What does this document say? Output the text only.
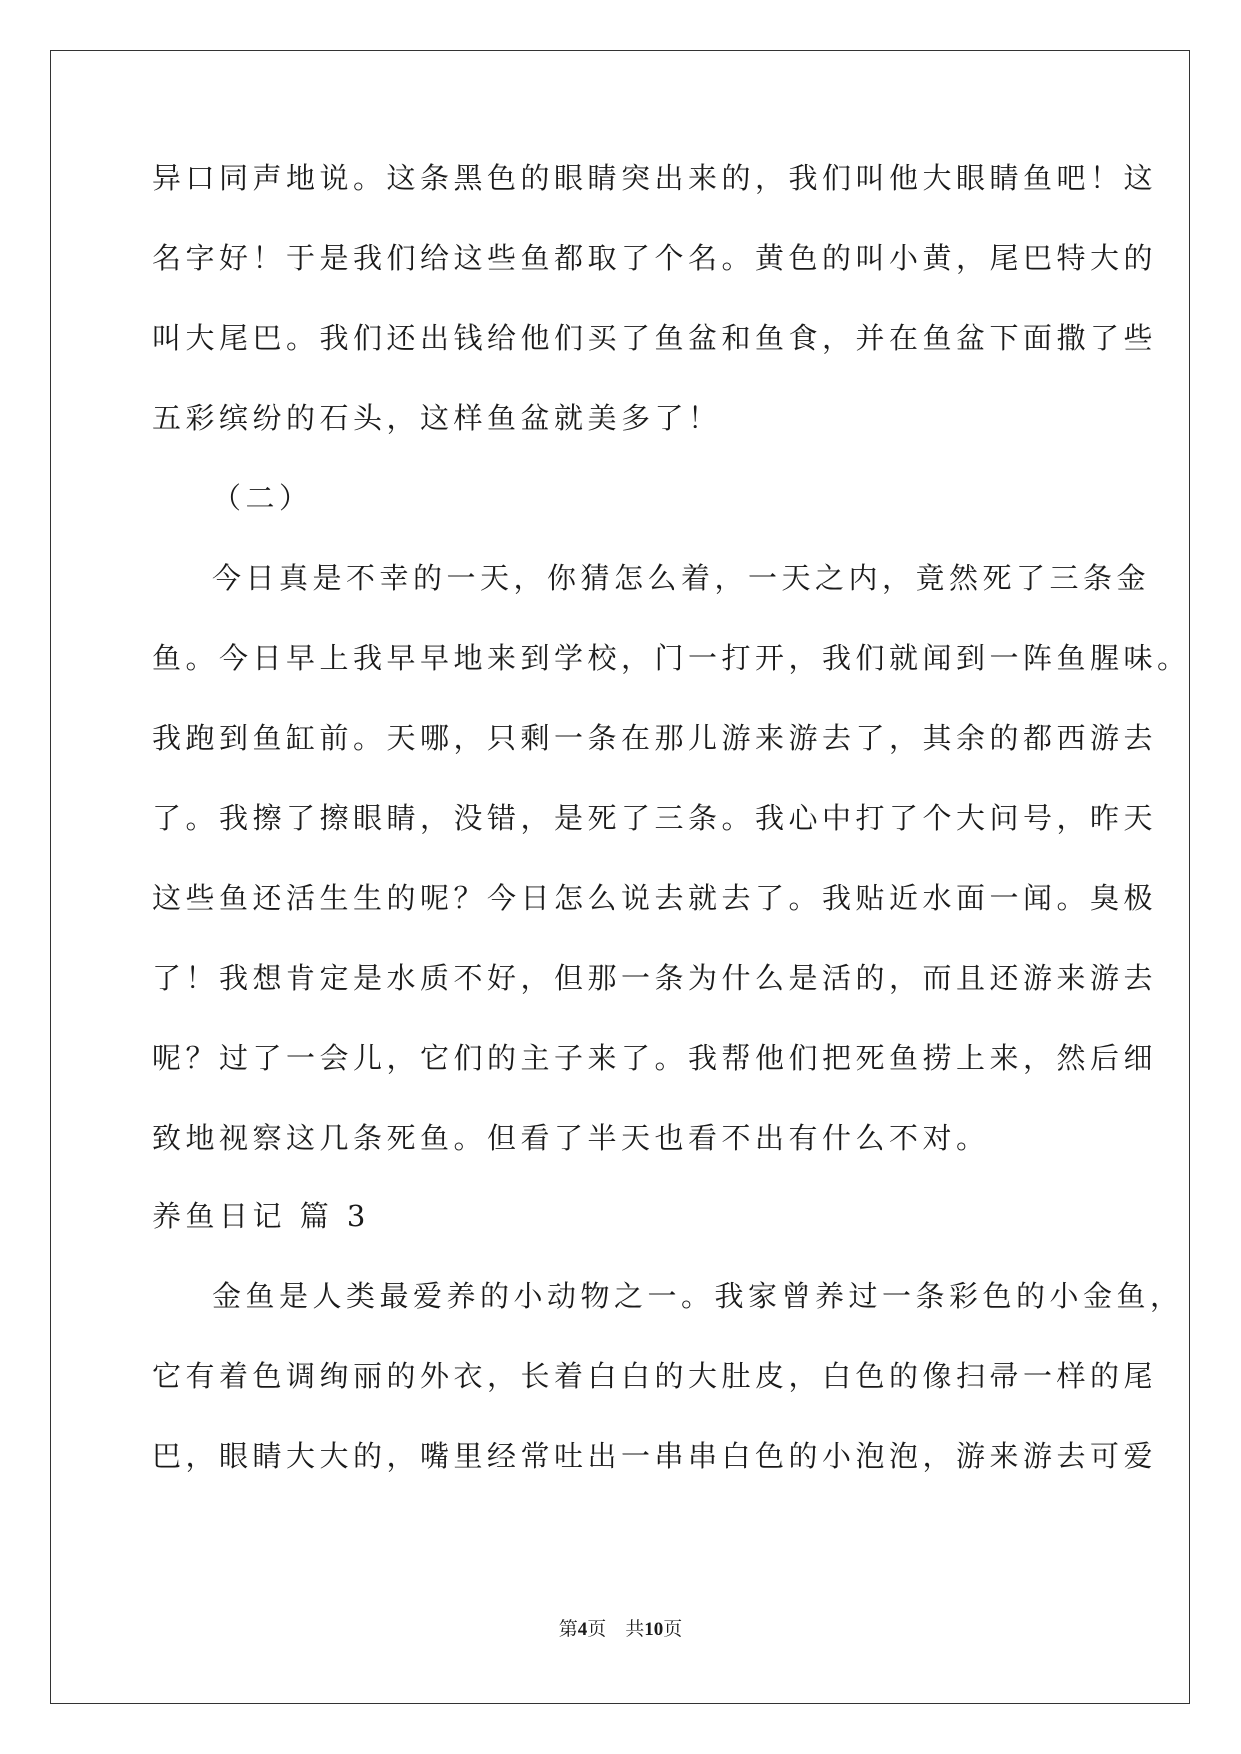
异口同声地说。这条黑色的眼睛突出来的，我们叫他大眼睛鱼吧！这
名字好！于是我们给这些鱼都取了个名。黄色的叫小黄，尾巴特大的
叫大尾巴。我们还出钱给他们买了鱼盆和鱼食，并在鱼盆下面撒了些
五彩缤纷的石头，这样鱼盆就美多了！
（二）
今日真是不幸的一天，你猜怎么着，一天之内，竟然死了三条金
鱼。今日早上我早早地来到学校，门一打开，我们就闻到一阵鱼腥味。
我跑到鱼缸前。天哪，只剩一条在那儿游来游去了，其余的都西游去
了。我擦了擦眼睛，没错，是死了三条。我心中打了个大问号，昨天
这些鱼还活生生的呢？今日怎么说去就去了。我贴近水面一闻。臭极
了！我想肯定是水质不好，但那一条为什么是活的，而且还游来游去
呢？过了一会儿，它们的主子来了。我帮他们把死鱼捞上来，然后细
致地视察这几条死鱼。但看了半天也看不出有什么不对。
养鱼日记 篇 3
金鱼是人类最爱养的小动物之一。我家曾养过一条彩色的小金鱼，
它有着色调绚丽的外衣，长着白白的大肚皮，白色的像扫帚一样的尾
巴，眼睛大大的，嘴里经常吐出一串串白色的小泡泡，游来游去可爱
第4页 共10页
